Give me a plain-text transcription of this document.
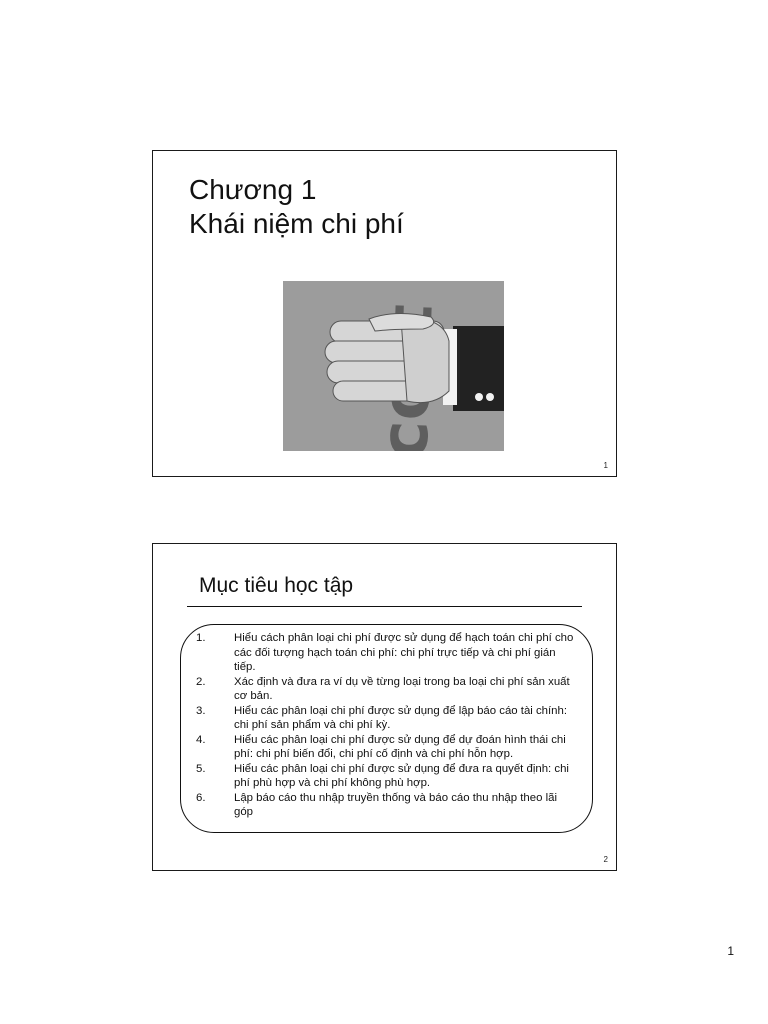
Chương 1
Khái niệm chi phí
1
Mục tiêu học tập
1.	Hiểu cách phân loại chi phí được sử dụng để hạch toán chi phí cho các đối tượng hạch toán chi phí: chi phí trực tiếp và chi phí gián tiếp.
2.	Xác định và đưa ra ví dụ về từng loại trong ba loại chi phí sản xuất cơ bản.
3.	Hiểu các phân loại chi phí được sử dụng để lập báo cáo tài chính: chi phí sản phẩm và chi phí kỳ.
4.	Hiểu các phân loại chi phí được sử dụng để dự đoán hình thái chi phí: chi phí biến đổi, chi phí cố định và chi phí hỗn hợp.
5.	Hiểu các phân loại chi phí được sử dụng để đưa ra quyết định: chi phí phù hợp và chi phí không phù hợp.
6.	Lập báo cáo thu nhập truyền thống và báo cáo thu nhập theo lãi góp
2
1
